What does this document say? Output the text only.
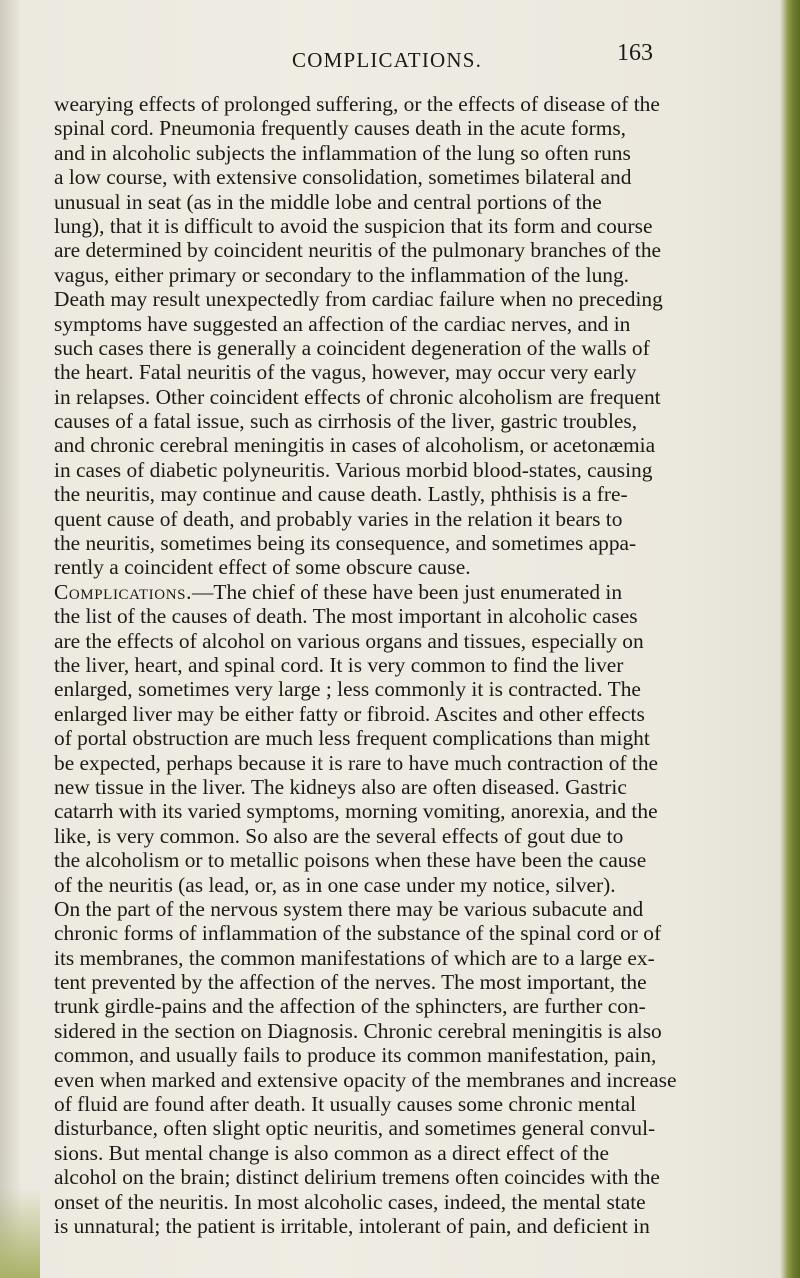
COMPLICATIONS.	163
wearying effects of prolonged suffering, or the effects of disease of the
spinal cord. Pneumonia frequently causes death in the acute forms,
and in alcoholic subjects the inflammation of the lung so often runs
a low course, with extensive consolidation, sometimes bilateral and
unusual in seat (as in the middle lobe and central portions of the
lung), that it is difficult to avoid the suspicion that its form and course
are determined by coincident neuritis of the pulmonary branches of the
vagus, either primary or secondary to the inflammation of the lung.
Death may result unexpectedly from cardiac failure when no preceding
symptoms have suggested an affection of the cardiac nerves, and in
such cases there is generally a coincident degeneration of the walls of
the heart. Fatal neuritis of the vagus, however, may occur very early
in relapses. Other coincident effects of chronic alcoholism are frequent
causes of a fatal issue, such as cirrhosis of the liver, gastric troubles,
and chronic cerebral meningitis in cases of alcoholism, or acetonæmia
in cases of diabetic polyneuritis. Various morbid blood-states, causing
the neuritis, may continue and cause death. Lastly, phthisis is a fre-
quent cause of death, and probably varies in the relation it bears to
the neuritis, sometimes being its consequence, and sometimes appa-
rently a coincident effect of some obscure cause.
Complications.—The chief of these have been just enumerated in
the list of the causes of death. The most important in alcoholic cases
are the effects of alcohol on various organs and tissues, especially on
the liver, heart, and spinal cord. It is very common to find the liver
enlarged, sometimes very large ; less commonly it is contracted. The
enlarged liver may be either fatty or fibroid. Ascites and other effects
of portal obstruction are much less frequent complications than might
be expected, perhaps because it is rare to have much contraction of the
new tissue in the liver. The kidneys also are often diseased. Gastric
catarrh with its varied symptoms, morning vomiting, anorexia, and the
like, is very common. So also are the several effects of gout due to
the alcoholism or to metallic poisons when these have been the cause
of the neuritis (as lead, or, as in one case under my notice, silver).
On the part of the nervous system there may be various subacute and
chronic forms of inflammation of the substance of the spinal cord or of
its membranes, the common manifestations of which are to a large ex-
tent prevented by the affection of the nerves. The most important, the
trunk girdle-pains and the affection of the sphincters, are further con-
sidered in the section on Diagnosis. Chronic cerebral meningitis is also
common, and usually fails to produce its common manifestation, pain,
even when marked and extensive opacity of the membranes and increase
of fluid are found after death. It usually causes some chronic mental
disturbance, often slight optic neuritis, and sometimes general convul-
sions. But mental change is also common as a direct effect of the
alcohol on the brain; distinct delirium tremens often coincides with the
onset of the neuritis. In most alcoholic cases, indeed, the mental state
is unnatural; the patient is irritable, intolerant of pain, and deficient in
